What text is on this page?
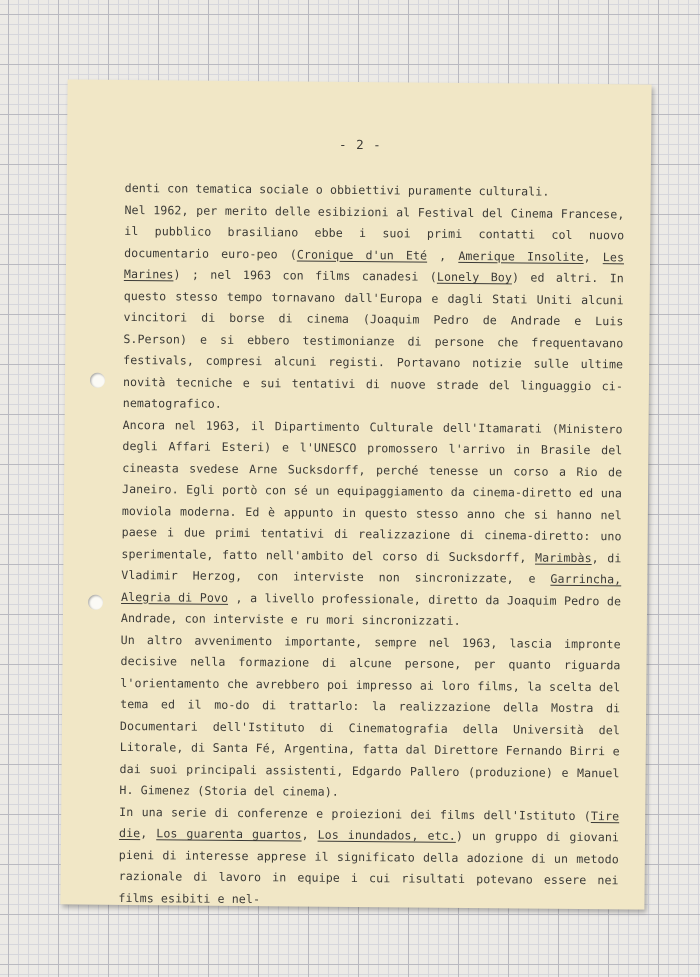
- 2 -

denti con tematica sociale o obbiettivi puramente culturali.
Nel 1962, per merito delle esibizioni al Festival del Cinema Francese, il pubblico brasiliano ebbe i suoi primi contatti col nuovo documentario euro-peo (Cronique d'un Eté , Amerique Insolite, Les Marines) ; nel 1963 con films canadesi (Lonely Boy) ed altri. In questo stesso tempo tornavano dall'Europa e dagli Stati Uniti alcuni vincitori di borse di cinema (Joaquim Pedro de Andrade e Luis S.Person) e si ebbero testimonianze di persone che frequentavano festivals, compresi alcuni registi. Portavano notizie sulle ultime novità tecniche e sui tentativi di nuove strade del linguaggio ci-nematografico.
Ancora nel 1963, il Dipartimento Culturale dell'Itamarati (Ministero degli Affari Esteri) e l'UNESCO promossero l'arrivo in Brasile del cineasta svedese Arne Sucksdorff, perché tenesse un corso a Rio de Janeiro. Egli portò con sé un equipaggiamento da cinema-diretto ed una moviola moderna. Ed è appunto in questo stesso anno che si hanno nel paese i due primi tentativi di realizzazione di cinema-diretto: uno sperimentale, fatto nell'ambito del corso di Sucksdorff, Marimbàs, di Vladimir Herzog, con interviste non sincronizzate, e Garrincha, Alegria di Povo , a livello professionale, diretto da Joaquim Pedro de Andrade, con interviste e ru mori sincronizzati.
Un altro avvenimento importante, sempre nel 1963, lascia impronte decisive nella formazione di alcune persone, per quanto riguarda l'orientamento che avrebbero poi impresso ai loro films, la scelta del tema ed il mo-do di trattarlo: la realizzazione della Mostra di Documentari dell'Istituto di Cinematografia della Università del Litorale, di Santa Fé, Argentina, fatta dal Direttore Fernando Birri e dai suoi principali assistenti, Edgardo Pallero (produzione) e Manuel H. Gimenez (Storia del cinema).
In una serie di conferenze e proiezioni dei films dell'Istituto (Tire die, Los guarenta guartos, Los inundados, etc.) un gruppo di giovani pieni di interesse apprese il significato della adozione di un metodo razionale di lavoro in equipe i cui risultati potevano essere nei films esibiti e nel-
